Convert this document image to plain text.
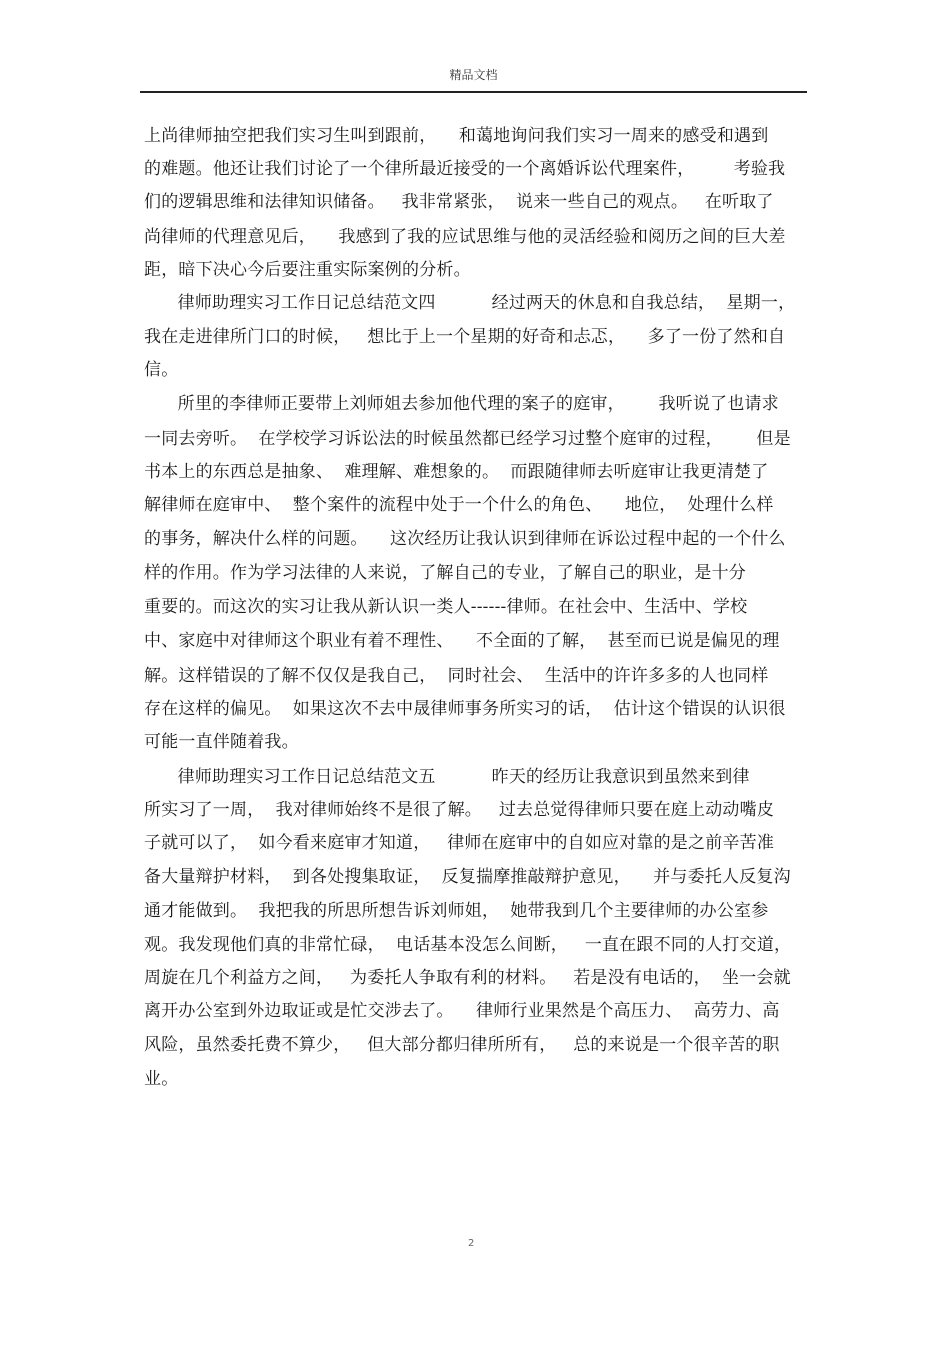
精品文档
上尚律师抽空把我们实习生叫到跟前，    和蔼地询问我们实习一周来的感受和遇到
的难题。他还让我们讨论了一个律所最近接受的一个离婚诉讼代理案件，       考验我
们的逻辑思维和法律知识储备。   我非常紧张，  说来一些自己的观点。   在听取了
尚律师的代理意见后，    我感到了我的应试思维与他的灵活经验和阅历之间的巨大差
距，暗下决心今后要注重实际案例的分析。
律师助理实习工作日记总结范文四          经过两天的休息和自我总结，  星期一，
我在走进律所门口的时候，   想比于上一个星期的好奇和忐忑，    多了一份了然和自
信。
所里的李律师正要带上刘师姐去参加他代理的案子的庭审，      我听说了也请求
一同去旁听。  在学校学习诉讼法的时候虽然都已经学习过整个庭审的过程，      但是
书本上的东西总是抽象、  难理解、难想象的。  而跟随律师去听庭审让我更清楚了
解律师在庭审中、  整个案件的流程中处于一个什么的角色、    地位，  处理什么样
的事务，解决什么样的问题。    这次经历让我认识到律师在诉讼过程中起的一个什么
样的作用。作为学习法律的人来说，了解自己的专业，了解自己的职业，是十分
重要的。而这次的实习让我从新认识一类人------律师。在社会中、生活中、学校
中、家庭中对律师这个职业有着不理性、    不全面的了解，  甚至而已说是偏见的理
解。这样错误的了解不仅仅是我自己，  同时社会、  生活中的许许多多的人也同样
存在这样的偏见。  如果这次不去中晟律师事务所实习的话，  估计这个错误的认识很
可能一直伴随着我。
律师助理实习工作日记总结范文五          昨天的经历让我意识到虽然来到律
所实习了一周，  我对律师始终不是很了解。   过去总觉得律师只要在庭上动动嘴皮
子就可以了，  如今看来庭审才知道，   律师在庭审中的自如应对靠的是之前辛苦准
备大量辩护材料，  到各处搜集取证，  反复揣摩推敲辩护意见，    并与委托人反复沟
通才能做到。  我把我的所思所想告诉刘师姐，  她带我到几个主要律师的办公室参
观。我发现他们真的非常忙碌，  电话基本没怎么间断，   一直在跟不同的人打交道，
周旋在几个利益方之间，   为委托人争取有利的材料。   若是没有电话的，  坐一会就
离开办公室到外边取证或是忙交涉去了。    律师行业果然是个高压力、  高劳力、高
风险，虽然委托费不算少，   但大部分都归律所所有，   总的来说是一个很辛苦的职
业。
2
